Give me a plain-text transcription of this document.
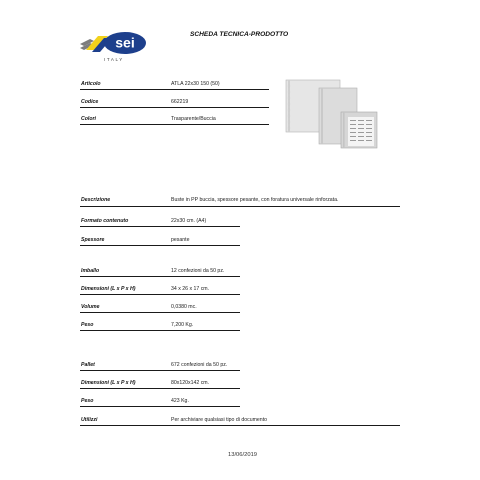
sei
ITALY
SCHEDA TECNICA-PRODOTTO
Articolo	ATLA 22x30 150 (50)
Codice	662219
Colori	Trasparente/Buccia
Descrizione	Buste in PP buccia, spessore pesante, con foratura universale rinforzata.
Formato contenuto	22x30 cm. (A4)
Spessore	pesante
Imballo	12 confezioni da 50 pz.
Dimensioni (L x P x H)	34 x 26 x 17 cm.
Volume	0,0380 mc.
Peso	7,200 Kg.
Pallet	672 confezioni da 50 pz.
Dimensioni (L x P x H)	80x120x142 cm.
Peso	423 Kg.
Utilizzi	Per archiviare qualsiasi tipo di documento
13/06/2019
